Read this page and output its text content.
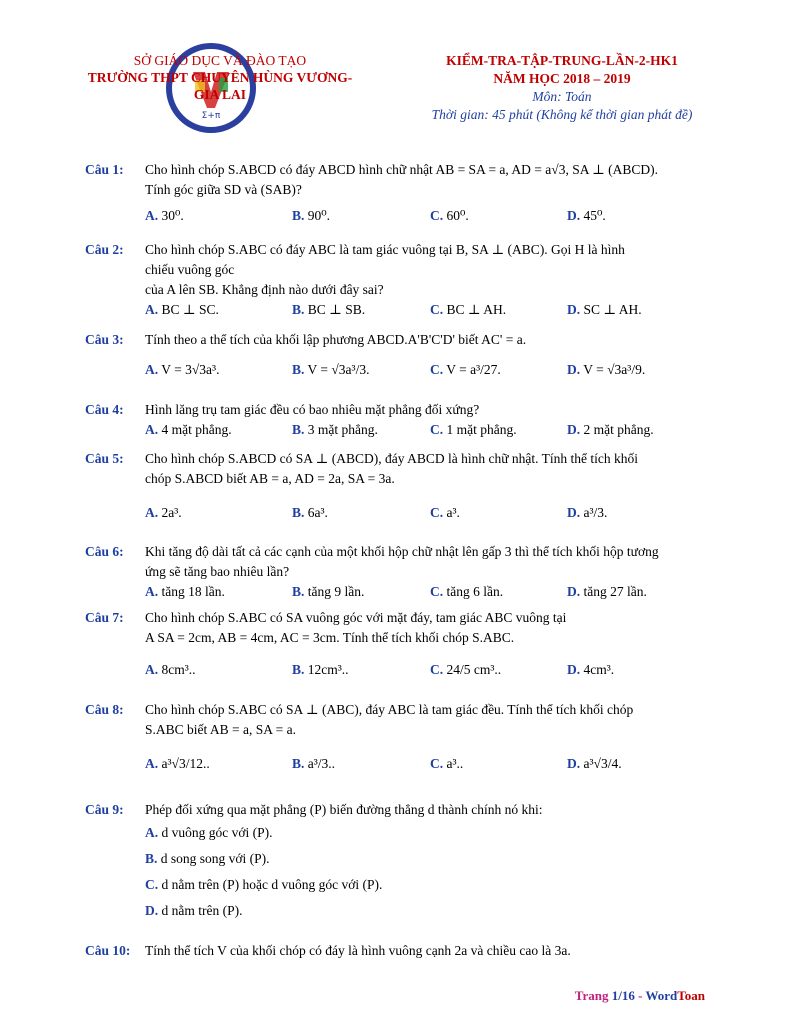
Σ+π
SỞ GIÁO DỤC VÀ ĐÀO TẠO
TRƯỜNG THPT CHUYÊN HÙNG VƯƠNG-
GIA LAI
KIỂM-TRA-TẬP-TRUNG-LẦN-2-HK1
NĂM HỌC 2018 – 2019
Môn: Toán
Thời gian: 45 phút (Không kể thời gian phát đề)
Câu 1: Cho hình chóp S.ABCD có đáy ABCD hình chữ nhật AB = SA = a, AD = a√3, SA ⊥ (ABCD).
Tính góc giữa SD và (SAB)?
A. 30⁰.	B. 90⁰.	C. 60⁰.	D. 45⁰.
Câu 2: Cho hình chóp S.ABC có đáy ABC là tam giác vuông tại B, SA ⊥ (ABC). Gọi H là hình
chiếu vuông góc
của A lên SB. Khẳng định nào dưới đây sai?
A. BC ⊥ SC.	B. BC ⊥ SB.	C. BC ⊥ AH.	D. SC ⊥ AH.
Câu 3: Tính theo a thể tích của khối lập phương ABCD.A'B'C'D' biết AC' = a.
A. V = 3√3a³.	B. V = √3a³/3.	C. V = a³/27.	D. V = √3a³/9.
Câu 4: Hình lăng trụ tam giác đều có bao nhiêu mặt phẳng đối xứng?
A. 4 mặt phẳng.	B. 3 mặt phẳng.	C. 1 mặt phẳng.	D. 2 mặt phẳng.
Câu 5: Cho hình chóp S.ABCD có SA ⊥ (ABCD), đáy ABCD là hình chữ nhật. Tính thể tích khối
chóp S.ABCD biết AB = a, AD = 2a, SA = 3a.
A. 2a³.	B. 6a³.	C. a³.	D. a³/3.
Câu 6: Khi tăng độ dài tất cả các cạnh của một khối hộp chữ nhật lên gấp 3 thì thể tích khối hộp tương
ứng sẽ tăng bao nhiêu lần?
A. tăng 18 lần.	B. tăng 9 lần.	C. tăng 6 lần.	D. tăng 27 lần.
Câu 7: Cho hình chóp S.ABC có SA vuông góc với mặt đáy, tam giác ABC vuông tại
A SA = 2cm, AB = 4cm, AC = 3cm. Tính thể tích khối chóp S.ABC.
A. 8cm³..	B. 12cm³..	C. 24/5 cm³..	D. 4cm³.
Câu 8: Cho hình chóp S.ABC có SA ⊥ (ABC), đáy ABC là tam giác đều. Tính thể tích khối chóp
S.ABC biết AB = a, SA = a.
A. a³√3/12..	B. a³/3..	C. a³..	D. a³√3/4.
Câu 9: Phép đối xứng qua mặt phẳng (P) biến đường thẳng d thành chính nó khi:
A. d vuông góc với (P).
B. d song song với (P).
C. d nằm trên (P) hoặc d vuông góc với (P).
D. d nằm trên (P).
Câu 10: Tính thể tích V của khối chóp có đáy là hình vuông cạnh 2a và chiều cao là 3a.
Trang 1/16 - WordToan
